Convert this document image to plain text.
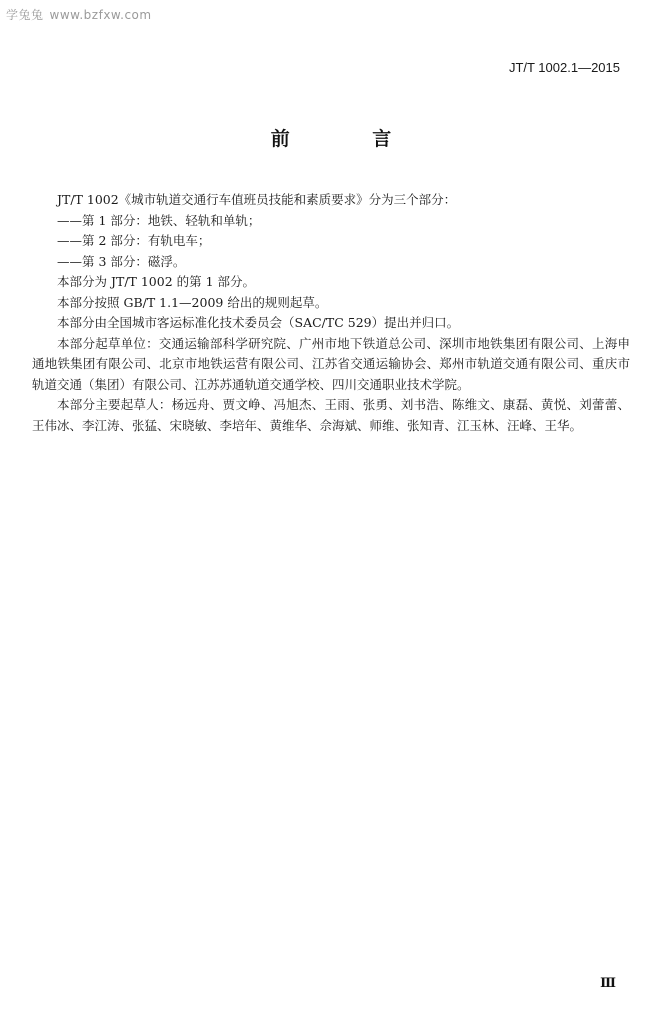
学兔兔 www.bzfxw.com
JT/T 1002.1—2015
前 言

JT/T 1002《城市轨道交通行车值班员技能和素质要求》分为三个部分：

——第 1 部分：地铁、轻轨和单轨；

——第 2 部分：有轨电车；

——第 3 部分：磁浮。

本部分为 JT/T 1002 的第 1 部分。

本部分按照 GB/T 1.1—2009 给出的规则起草。

本部分由全国城市客运标准化技术委员会（SAC/TC 529）提出并归口。

本部分起草单位：交通运输部科学研究院、广州市地下铁道总公司、深圳市地铁集团有限公司、上海申通地铁集团有限公司、北京市地铁运营有限公司、江苏省交通运输协会、郑州市轨道交通有限公司、重庆市轨道交通（集团）有限公司、江苏苏通轨道交通学校、四川交通职业技术学院。

本部分主要起草人：杨远舟、贾文峥、冯旭杰、王雨、张勇、刘书浩、陈维文、康磊、黄悦、刘蕾蕾、王伟冰、李江涛、张猛、宋晓敏、李培年、黄维华、佘海斌、师维、张知青、江玉林、汪峰、王华。

Ⅲ
